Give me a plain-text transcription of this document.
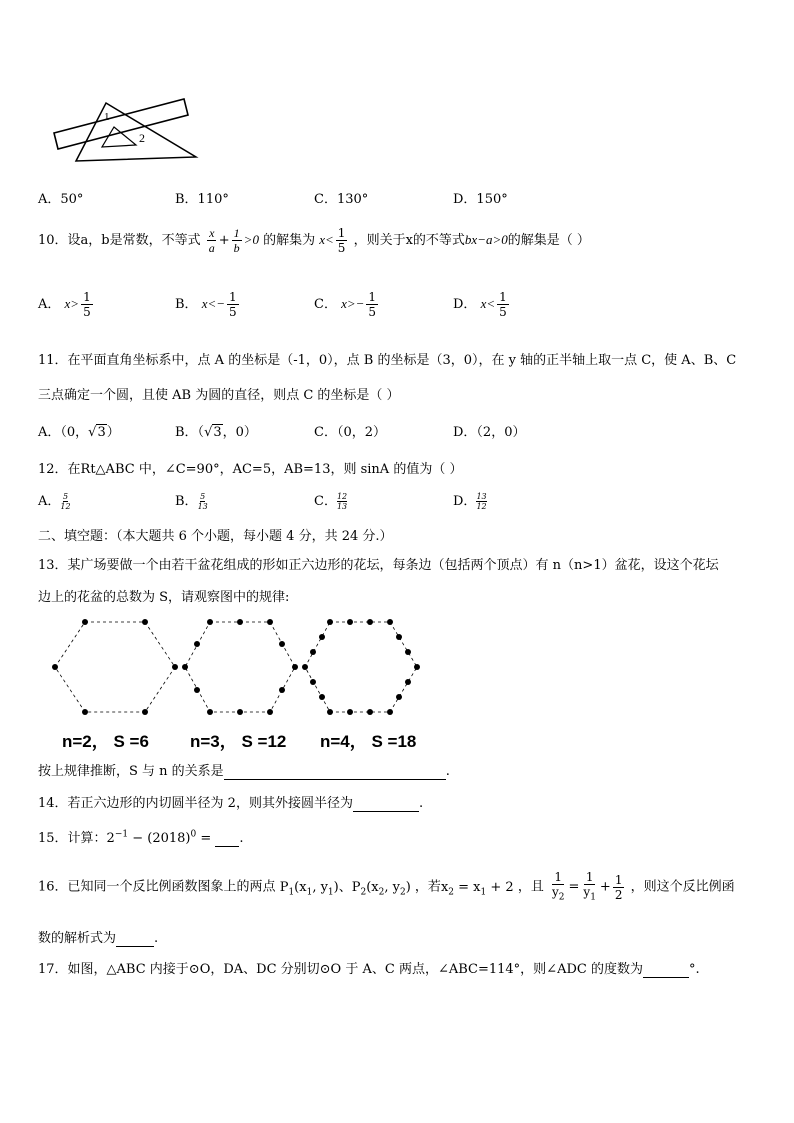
1
2
A．50°	B．110°	C．130°	D．150°
10．设a，b是常数，不等式 $\frac{x}{a} + \frac{1}{b} >0$ 的解集为 $x< \frac{1}{5}$ ，则关于x的不等式bx−a>0的解集是（ ）
A． $x> \frac{1}{5}$	B． $x<- \frac{1}{5}$	C． $x>- \frac{1}{5}$	D． $x< \frac{1}{5}$
11．在平面直角坐标系中，点 A 的坐标是（-1，0），点 B 的坐标是（3，0），在 y 轴的正半轴上取一点 C，使 A、B、C
三点确定一个圆，且使 AB 为圆的直径，则点 C 的坐标是（ ）
A．（0，√3）	B．（√3，0）	C．（0，2）	D．（2，0）
12．在Rt△ABC 中，∠C=90°，AC=5，AB=13，则 sinA 的值为（ ）
A． $\frac{5}{12}$	B． $\frac{5}{13}$	C． $\frac{12}{13}$	D． $\frac{13}{12}$
二、填空题：（本大题共 6 个小题，每小题 4 分，共 24 分.）
13．某广场要做一个由若干盆花组成的形如正六边形的花坛，每条边（包括两个顶点）有 n（n>1）盆花，设这个花坛
边上的花盆的总数为 S，请观察图中的规律:
n=2， S =6 n=3， S =12 n=4， S =18
按上规律推断，S 与 n 的关系是	.
14．若正六边形的内切圆半径为 2，则其外接圆半径为	.
15．计算：$2^{-1} - (2018)^0$ =  .
16．已知同一个反比例函数图象上的两点 $P_1(x_1$, $y_1$)、$P_2(x_2$, $y_2$) ，若$x_2 = x_1 + 2$ ，且 $\frac{1}{y_2} = \frac{1}{y_1} + \frac{1}{2}$ ，则这个反比例函
数的解析式为	.
17．如图，△ABC 内接于⊙O，DA、DC 分别切⊙O 于 A、C 两点，∠ABC=114°，则∠ADC 的度数为	°.
